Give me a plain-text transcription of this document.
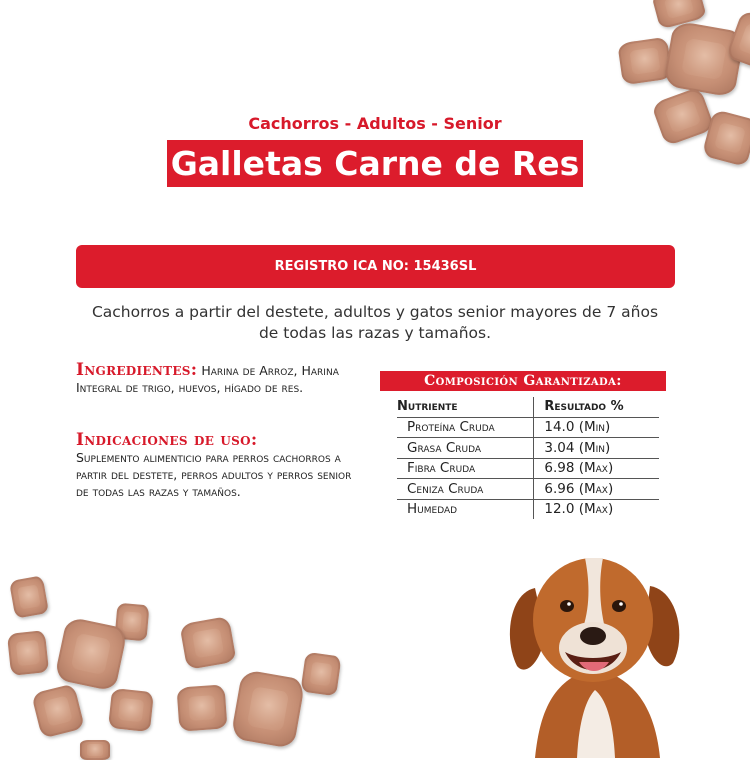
Cachorros - Adultos - Senior
Galletas Carne de Res
REGISTRO ICA NO: 15436SL
Cachorros a partir del destete, adultos y gatos senior mayores de 7 años de todas las razas y tamaños.
Ingredientes: Harina de Arroz, Harina Integral de trigo, huevos, hígado de res.
Indicaciones de uso:
Suplemento alimenticio para perros cachorros a partir del destete, perros adultos y perros senior de todas las razas y tamaños.
Composición Garantizada:
Nutriente	Resultado %
Proteína Cruda	14.0 (Min)
Grasa Cruda	3.04 (Min)
Fibra Cruda	6.98 (Max)
Ceniza Cruda	6.96 (Max)
Humedad	12.0 (Max)
